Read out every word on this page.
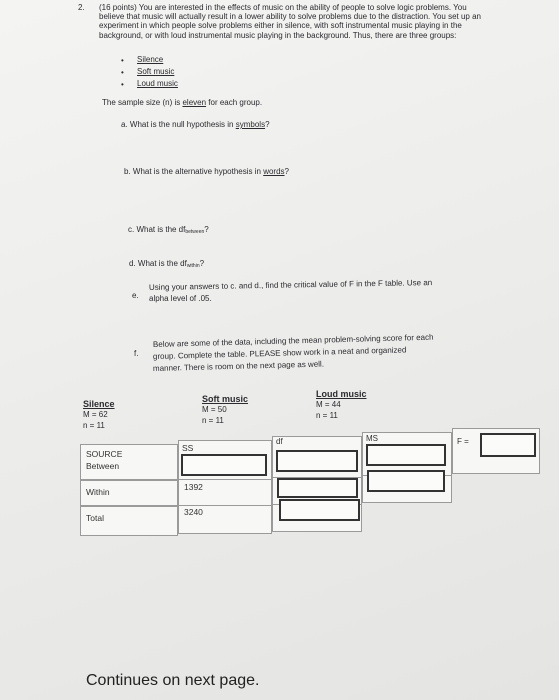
2. (16 points) You are interested in the effects of music on the ability of people to solve logic problems. You believe that music will actually result in a lower ability to solve problems due to the distraction. You set up an experiment in which people solve problems either in silence, with soft instrumental music playing in the background, or with loud instrumental music playing in the background. Thus, there are three groups:
• Silence
• Soft music
• Loud music
The sample size (n) is eleven for each group.
a. What is the null hypothesis in symbols?
b. What is the alternative hypothesis in words?
c. What is the $df_{between}$?
d. What is the $df_{within}$?
e.
Using your answers to c. and d., find the critical value of F in the F table. Use an
alpha level of .05.
f.
Below are some of the data, including the mean problem-solving score for each
group. Complete the table. PLEASE show work in a neat and organized
manner. There is room on the next page as well.
Silence
M = 62
n = 11
Soft music
M = 50
n = 11
Loud music
M = 44
n = 11
SOURCE
Between
Within
Total
SS
df	MS	F =
1392
3240
Continues on next page.
